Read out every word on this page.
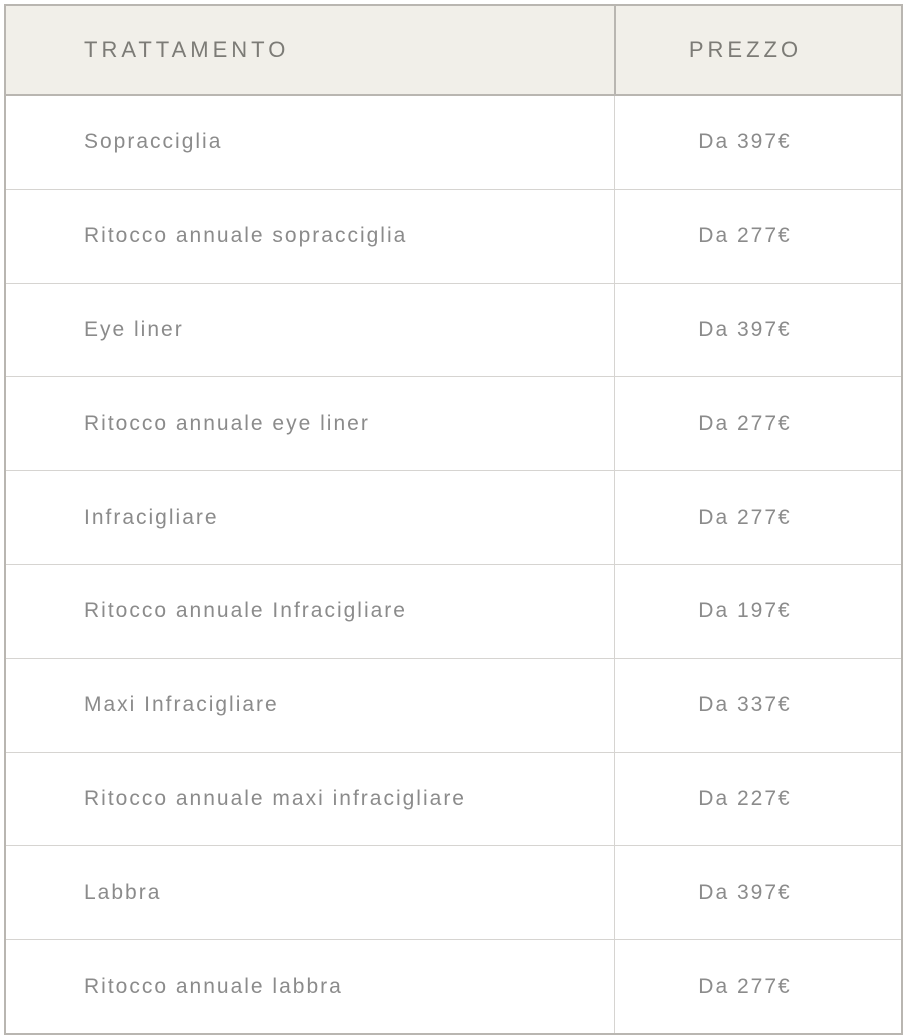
TRATTAMENTO	PREZZO
Sopracciglia	Da 397€
Ritocco annuale sopracciglia	Da 277€
Eye liner	Da 397€
Ritocco annuale eye liner	Da 277€
Infracigliare	Da 277€
Ritocco annuale Infracigliare	Da 197€
Maxi Infracigliare	Da 337€
Ritocco annuale maxi infracigliare	Da 227€
Labbra	Da 397€
Ritocco annuale labbra	Da 277€
